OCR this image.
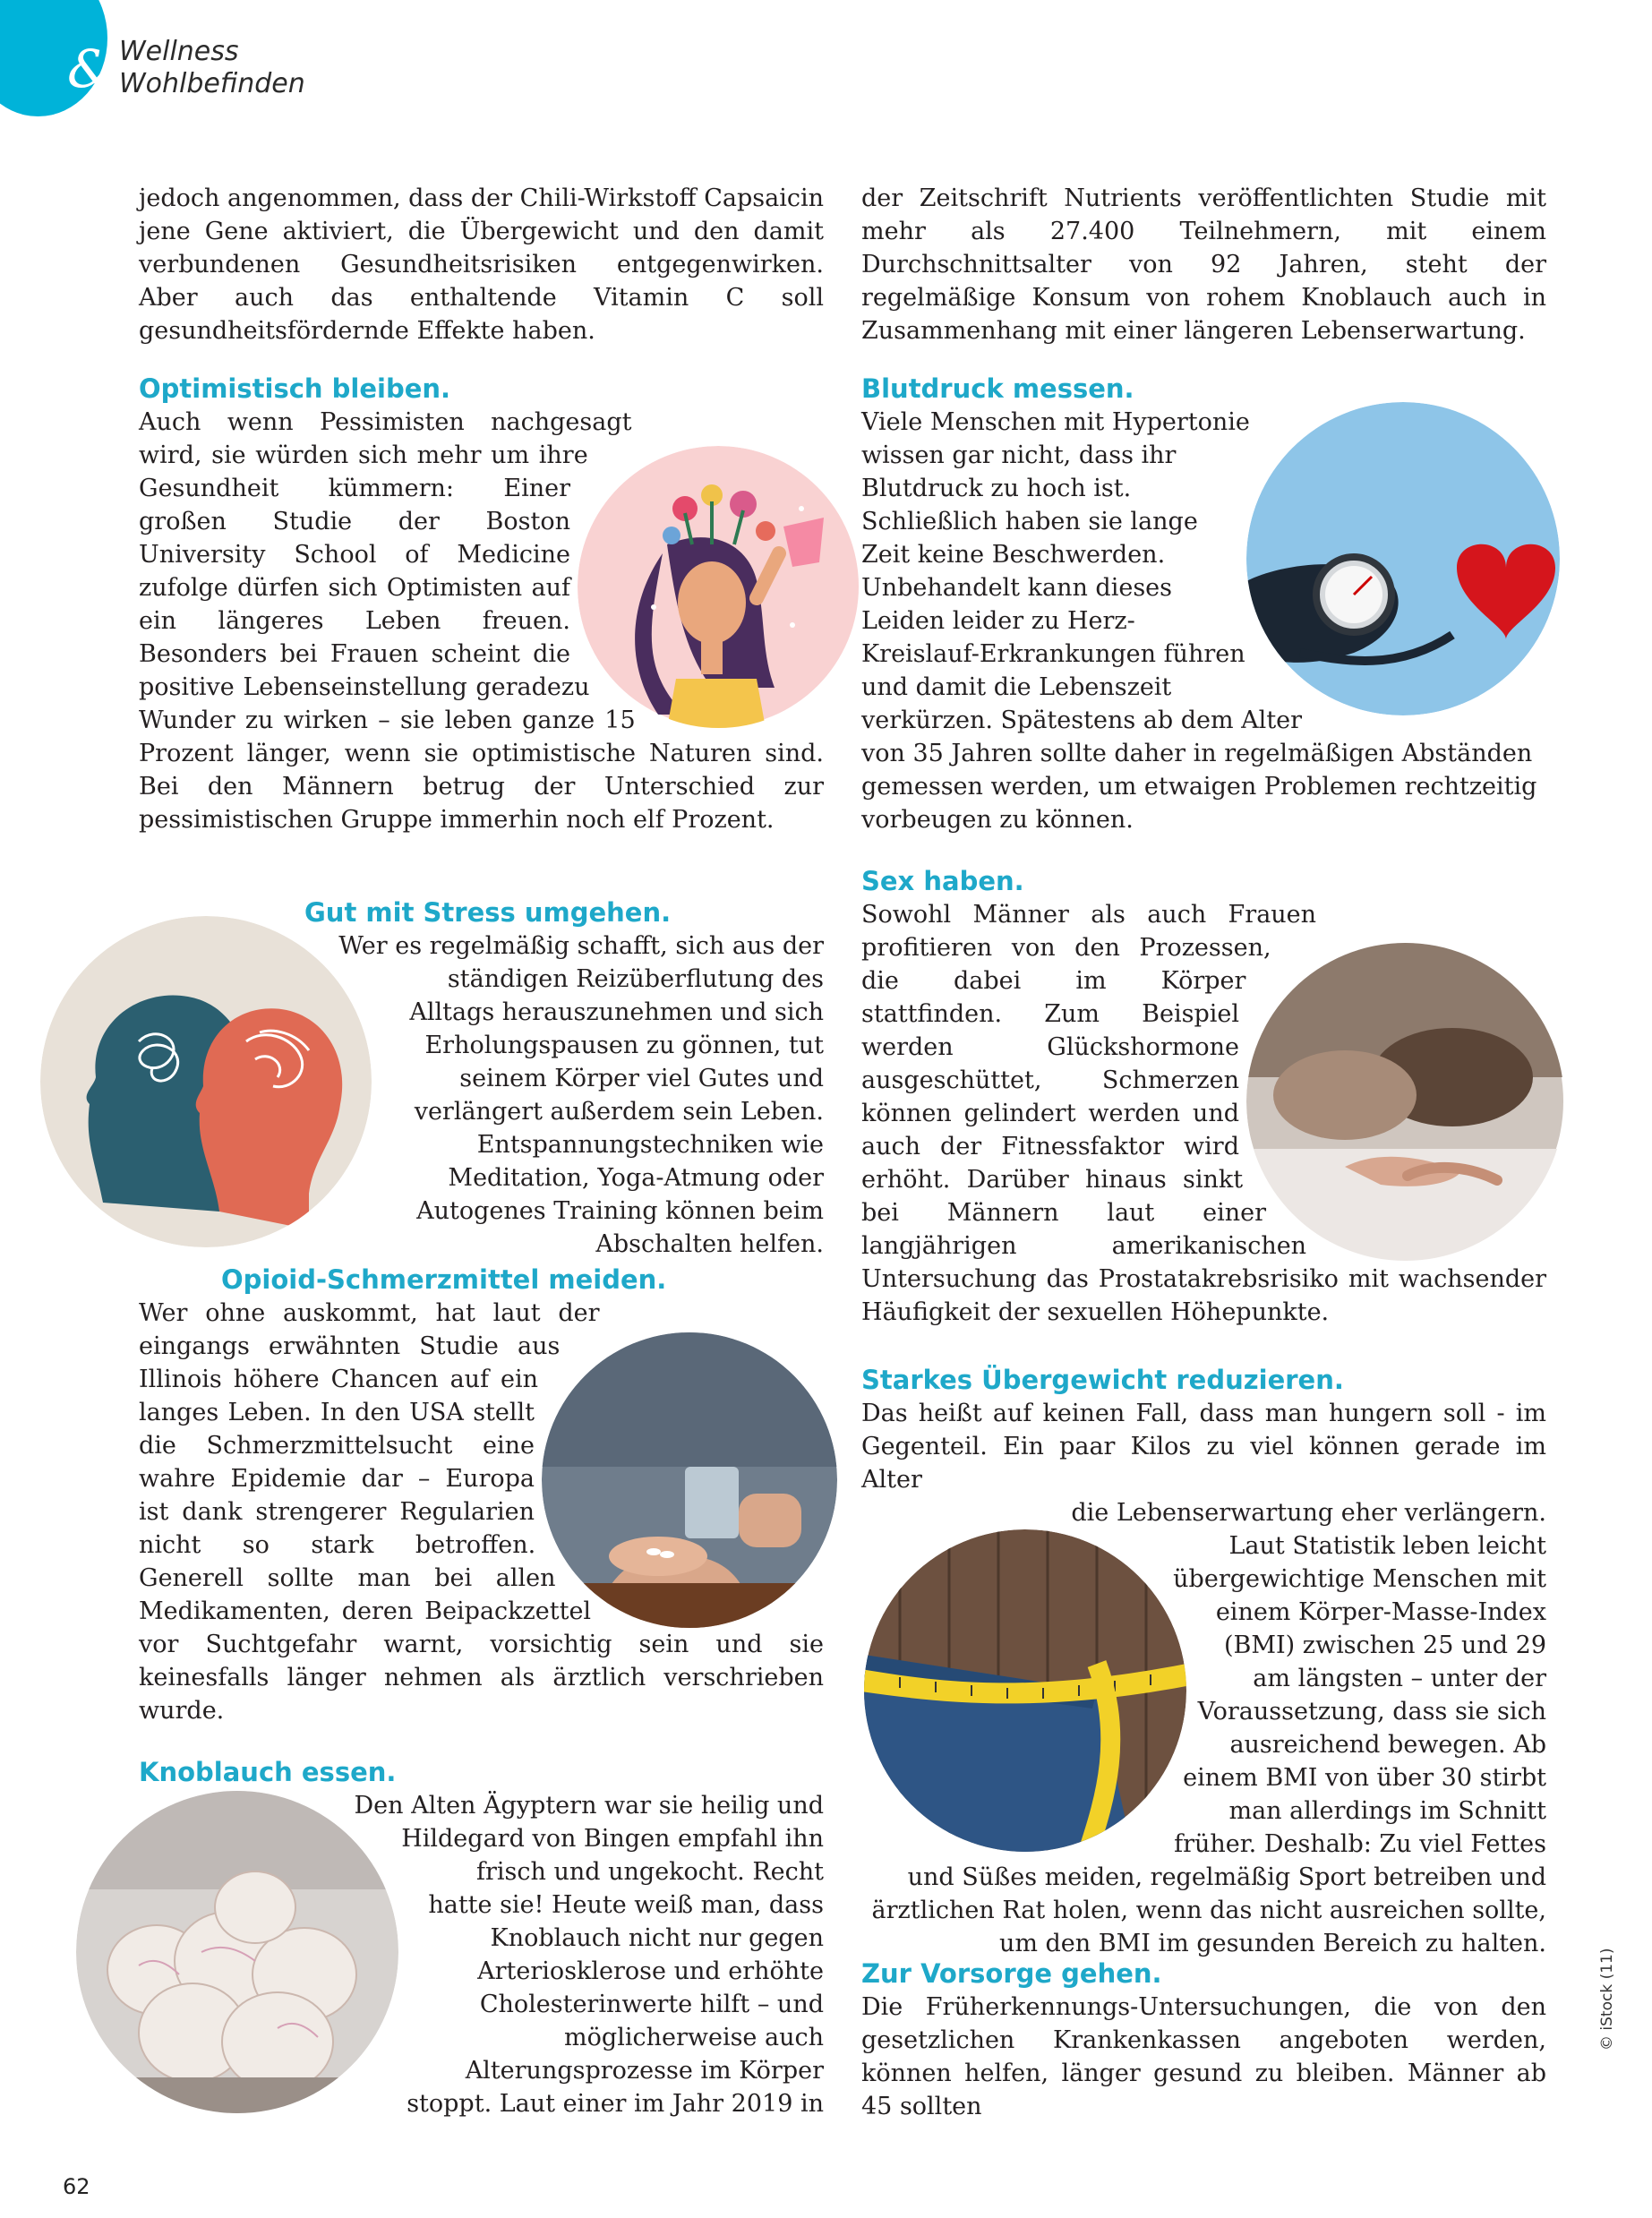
& Wellness
Wohlbefinden

jedoch angenommen, dass der Chili-Wirkstoff Capsaicin jene Gene aktiviert, die Übergewicht und den damit verbundenen Gesundheitsrisiken entgegenwirken. Aber auch das enthaltende Vitamin C soll gesundheitsfördernde Effekte haben.

Optimistisch bleiben.

Auch wenn Pessimisten nachgesagt wird, sie würden sich mehr um ihre Gesundheit kümmern: Einer großen Studie der Boston University School of Medicine zufolge dürfen sich Optimisten auf ein längeres Leben freuen. Besonders bei Frauen scheint die positive Lebenseinstellung geradezu Wunder zu wirken – sie leben ganze 15 Prozent länger, wenn sie optimistische Naturen sind. Bei den Männern betrug der Unterschied zur pessimistischen Gruppe immerhin noch elf Prozent.

Gut mit Stress umgehen.

Wer es regelmäßig schafft, sich aus der ständigen Reizüberflutung des Alltags herauszunehmen und sich Erholungspausen zu gönnen, tut seinem Körper viel Gutes und verlängert außerdem sein Leben. Entspannungstechniken wie Meditation, Yoga-Atmung oder Autogenes Training können beim Abschalten helfen.

Opioid-Schmerzmittel meiden.

Wer ohne auskommt, hat laut der eingangs erwähnten Studie aus Illinois höhere Chancen auf ein langes Leben. In den USA stellt die Schmerzmittelsucht eine wahre Epidemie dar – Europa ist dank strengerer Regularien nicht so stark betroffen. Generell sollte man bei allen Medikamenten, deren Beipackzettel vor Suchtgefahr warnt, vorsichtig sein und sie keinesfalls länger nehmen als ärztlich verschrieben wurde.

Knoblauch essen.

Den Alten Ägyptern war sie heilig und Hildegard von Bingen empfahl ihn frisch und ungekocht. Recht hatte sie! Heute weiß man, dass Knoblauch nicht nur gegen Arteriosklerose und erhöhte Cholesterinwerte hilft – und möglicherweise auch Alterungsprozesse im Körper stoppt. Laut einer im Jahr 2019 in

der Zeitschrift Nutrients veröffentlichten Studie mit mehr als 27.400 Teilnehmern, mit einem Durchschnittsalter von 92 Jahren, steht der regelmäßige Konsum von rohem Knoblauch auch in Zusammenhang mit einer längeren Lebenserwartung.

Blutdruck messen.

Viele Menschen mit Hypertonie wissen gar nicht, dass ihr Blutdruck zu hoch ist. Schließlich haben sie lange Zeit keine Beschwerden. Unbehandelt kann dieses Leiden leider zu Herz-Kreislauf-Erkrankungen führen und damit die Lebenszeit verkürzen. Spätestens ab dem Alter von 35 Jahren sollte daher in regelmäßigen Abständen gemessen werden, um etwaigen Problemen rechtzeitig vorbeugen zu können.

Sex haben.

Sowohl Männer als auch Frauen profitieren von den Prozessen, die dabei im Körper stattfinden. Zum Beispiel werden Glückshormone ausgeschüttet, Schmerzen können gelindert werden und auch der Fitnessfaktor wird erhöht. Darüber hinaus sinkt bei Männern laut einer langjährigen amerikanischen Untersuchung das Prostatakrebsrisiko mit wachsender Häufigkeit der sexuellen Höhepunkte.

Starkes Übergewicht reduzieren.

Das heißt auf keinen Fall, dass man hungern soll - im Gegenteil. Ein paar Kilos zu viel können gerade im Alter

die Lebenserwartung eher verlängern.

Laut Statistik leben leicht übergewichtige Menschen mit einem Körper-Masse-Index (BMI) zwischen 25 und 29 am längsten – unter der Voraussetzung, dass sie sich ausreichend bewegen. Ab einem BMI von über 30 stirbt man allerdings im Schnitt früher. Deshalb: Zu viel Fettes und Süßes meiden, regelmäßig Sport betreiben und ärztlichen Rat holen, wenn das nicht ausreichen sollte, um den BMI im gesunden Bereich zu halten.

Zur Vorsorge gehen.

Die Früherkennungs-Untersuchungen, die von den gesetzlichen Krankenkassen angeboten werden, können helfen, länger gesund zu bleiben. Männer ab 45 sollten

© iStock (11)
62
